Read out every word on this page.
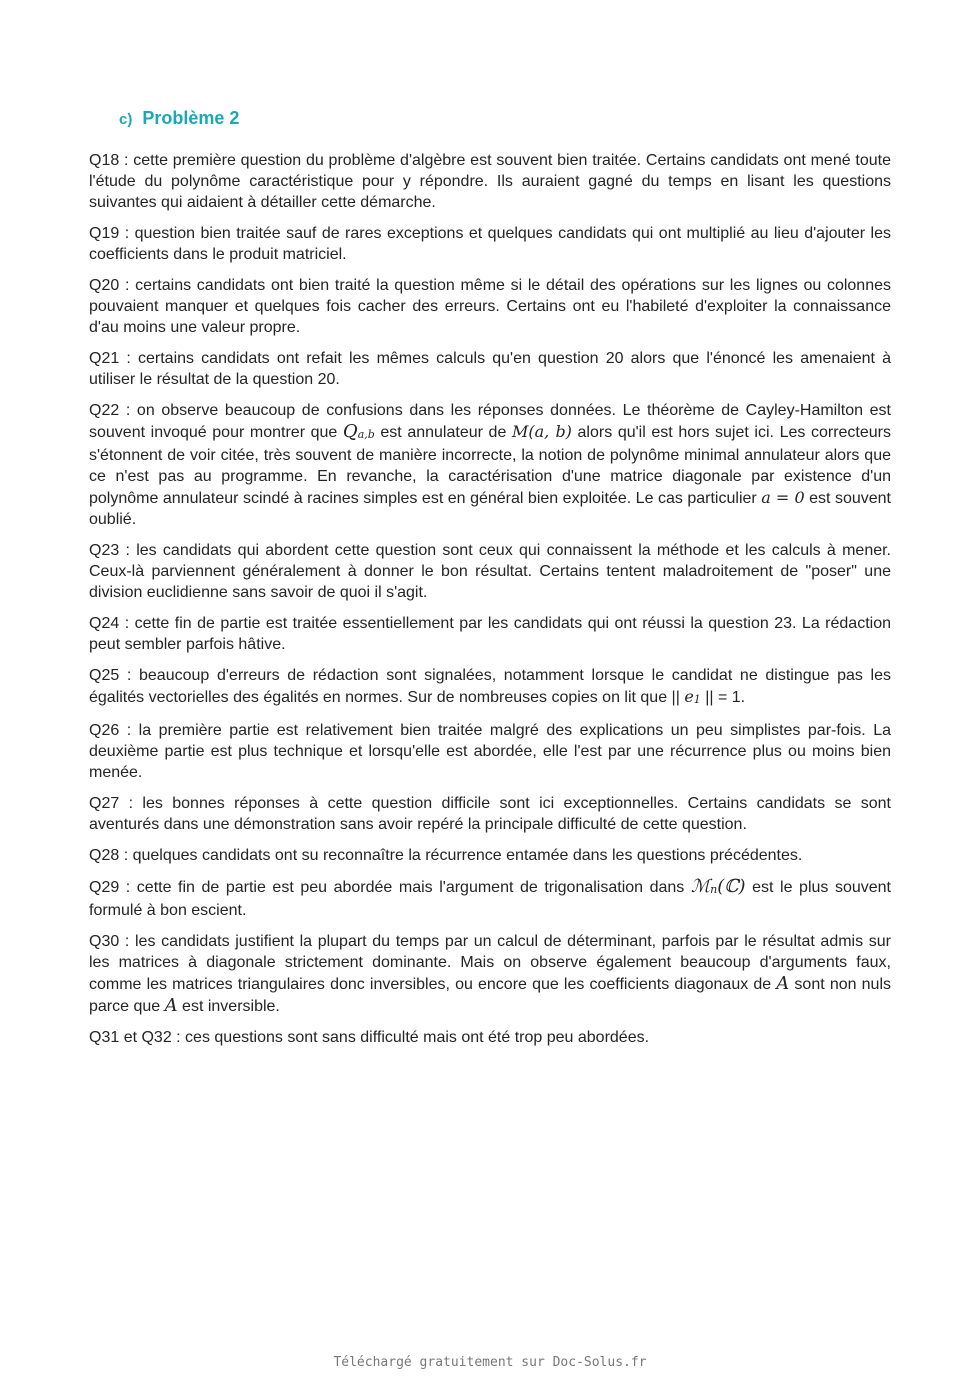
c) Problème 2

Q18 : cette première question du problème d'algèbre est souvent bien traitée. Certains candidats ont mené toute l'étude du polynôme caractéristique pour y répondre. Ils auraient gagné du temps en lisant les questions suivantes qui aidaient à détailler cette démarche.

Q19 : question bien traitée sauf de rares exceptions et quelques candidats qui ont multiplié au lieu d'ajouter les coefficients dans le produit matriciel.

Q20 : certains candidats ont bien traité la question même si le détail des opérations sur les lignes ou colonnes pouvaient manquer et quelques fois cacher des erreurs. Certains ont eu l'habileté d'exploiter la connaissance d'au moins une valeur propre.

Q21 : certains candidats ont refait les mêmes calculs qu'en question 20 alors que l'énoncé les amenaient à utiliser le résultat de la question 20.

Q22 : on observe beaucoup de confusions dans les réponses données. Le théorème de Cayley-Hamilton est souvent invoqué pour montrer que Qa,b est annulateur de M(a, b) alors qu'il est hors sujet ici. Les correcteurs s'étonnent de voir citée, très souvent de manière incorrecte, la notion de polynôme minimal annulateur alors que ce n'est pas au programme. En revanche, la caractérisation d'une matrice diagonale par existence d'un polynôme annulateur scindé à racines simples est en général bien exploitée. Le cas particulier a = 0 est souvent oublié.

Q23 : les candidats qui abordent cette question sont ceux qui connaissent la méthode et les calculs à mener. Ceux-là parviennent généralement à donner le bon résultat. Certains tentent maladroitement de "poser" une division euclidienne sans savoir de quoi il s'agit.

Q24 : cette fin de partie est traitée essentiellement par les candidats qui ont réussi la question 23. La rédaction peut sembler parfois hâtive.

Q25 : beaucoup d'erreurs de rédaction sont signalées, notamment lorsque le candidat ne distingue pas les égalités vectorielles des égalités en normes. Sur de nombreuses copies on lit que || e1 || = 1.

Q26 : la première partie est relativement bien traitée malgré des explications un peu simplistes par-fois. La deuxième partie est plus technique et lorsqu'elle est abordée, elle l'est par une récurrence plus ou moins bien menée.

Q27 : les bonnes réponses à cette question difficile sont ici exceptionnelles. Certains candidats se sont aventurés dans une démonstration sans avoir repéré la principale difficulté de cette question.

Q28 : quelques candidats ont su reconnaître la récurrence entamée dans les questions précédentes.

Q29 : cette fin de partie est peu abordée mais l'argument de trigonalisation dans ℳn(ℂ) est le plus souvent formulé à bon escient.

Q30 : les candidats justifient la plupart du temps par un calcul de déterminant, parfois par le résultat admis sur les matrices à diagonale strictement dominante. Mais on observe également beaucoup d'arguments faux, comme les matrices triangulaires donc inversibles, ou encore que les coefficients diagonaux de A sont non nuls parce que A est inversible.

Q31 et Q32 : ces questions sont sans difficulté mais ont été trop peu abordées.

Téléchargé gratuitement sur Doc-Solus.fr
